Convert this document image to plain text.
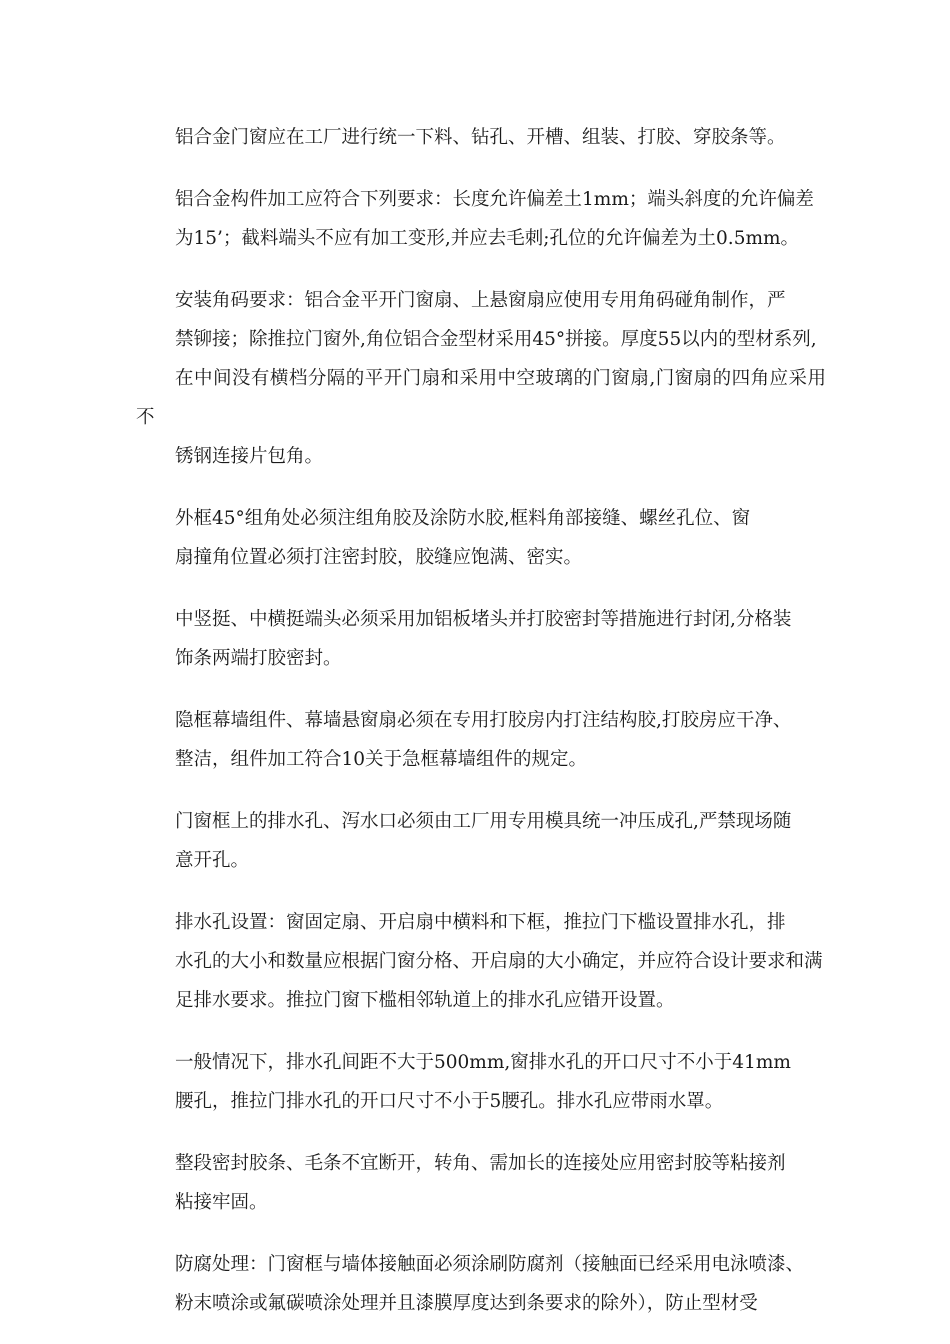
铝合金门窗应在工厂进行统一下料、钻孔、开槽、组装、打胶、穿胶条等。

铝合金构件加工应符合下列要求：长度允许偏差土1mm；端头斜度的允许偏差
为15’；截料端头不应有加工变形,并应去毛刺;孔位的允许偏差为土0.5mm。

安装角码要求：铝合金平开门窗扇、上悬窗扇应使用专用角码碰角制作，严
禁铆接；除推拉门窗外,角位铝合金型材采用45°拼接。厚度55以内的型材系列,
在中间没有横档分隔的平开门扇和采用中空玻璃的门窗扇,门窗扇的四角应采用不
锈钢连接片包角。

外框45°组角处必须注组角胶及涂防水胶,框料角部接缝、螺丝孔位、窗
扇撞角位置必须打注密封胶，胶缝应饱满、密实。

中竖挺、中横挺端头必须采用加铝板堵头并打胶密封等措施进行封闭,分格装
饰条两端打胶密封。

隐框幕墙组件、幕墙悬窗扇必须在专用打胶房内打注结构胶,打胶房应干净、
整洁，组件加工符合10关于急框幕墙组件的规定。

门窗框上的排水孔、泻水口必须由工厂用专用模具统一冲压成孔,严禁现场随
意开孔。

排水孔设置：窗固定扇、开启扇中横料和下框，推拉门下槛设置排水孔，排
水孔的大小和数量应根据门窗分格、开启扇的大小确定，并应符合设计要求和满
足排水要求。推拉门窗下槛相邻轨道上的排水孔应错开设置。

一般情况下，排水孔间距不大于500mm,窗排水孔的开口尺寸不小于41mm
腰孔，推拉门排水孔的开口尺寸不小于5腰孔。排水孔应带雨水罩。

整段密封胶条、毛条不宜断开，转角、需加长的连接处应用密封胶等粘接剂
粘接牢固。

防腐处理：门窗框与墙体接触面必须涂刷防腐剂（接触面已经采用电泳喷漆、
粉末喷涂或氟碳喷涂处理并且漆膜厚度达到条要求的除外），防止型材受
